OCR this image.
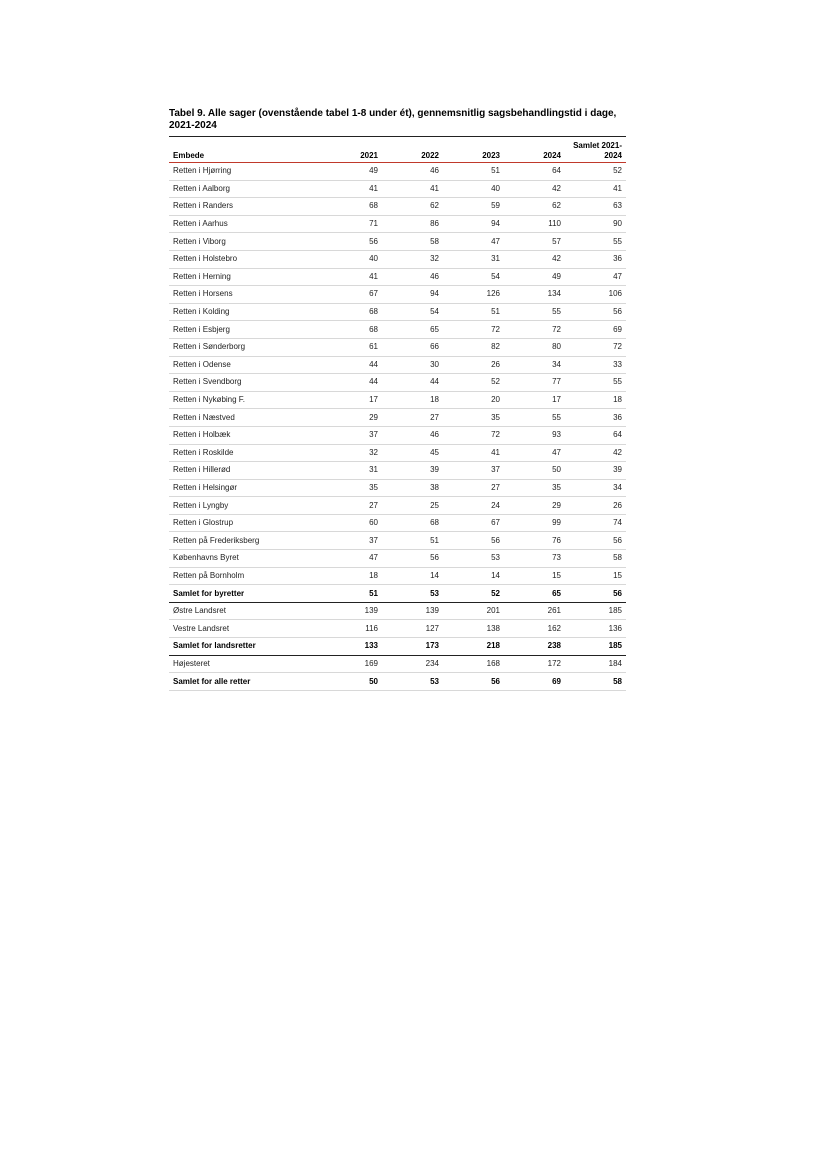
Tabel 9. Alle sager (ovenstående tabel 1-8 under ét), gennemsnitlig sagsbehandlingstid i dage, 2021-2024

Embede	2021	2022	2023	2024	Samlet 2021-
2024
Retten i Hjørring	49	46	51	64	52
Retten i Aalborg	41	41	40	42	41
Retten i Randers	68	62	59	62	63
Retten i Aarhus	71	86	94	110	90
Retten i Viborg	56	58	47	57	55
Retten i Holstebro	40	32	31	42	36
Retten i Herning	41	46	54	49	47
Retten i Horsens	67	94	126	134	106
Retten i Kolding	68	54	51	55	56
Retten i Esbjerg	68	65	72	72	69
Retten i Sønderborg	61	66	82	80	72
Retten i Odense	44	30	26	34	33
Retten i Svendborg	44	44	52	77	55
Retten i Nykøbing F.	17	18	20	17	18
Retten i Næstved	29	27	35	55	36
Retten i Holbæk	37	46	72	93	64
Retten i Roskilde	32	45	41	47	42
Retten i Hillerød	31	39	37	50	39
Retten i Helsingør	35	38	27	35	34
Retten i Lyngby	27	25	24	29	26
Retten i Glostrup	60	68	67	99	74
Retten på Frederiksberg	37	51	56	76	56
Københavns Byret	47	56	53	73	58
Retten på Bornholm	18	14	14	15	15
Samlet for byretter	51	53	52	65	56
Østre Landsret	139	139	201	261	185
Vestre Landsret	116	127	138	162	136
Samlet for landsretter	133	173	218	238	185
Højesteret	169	234	168	172	184
Samlet for alle retter	50	53	56	69	58
